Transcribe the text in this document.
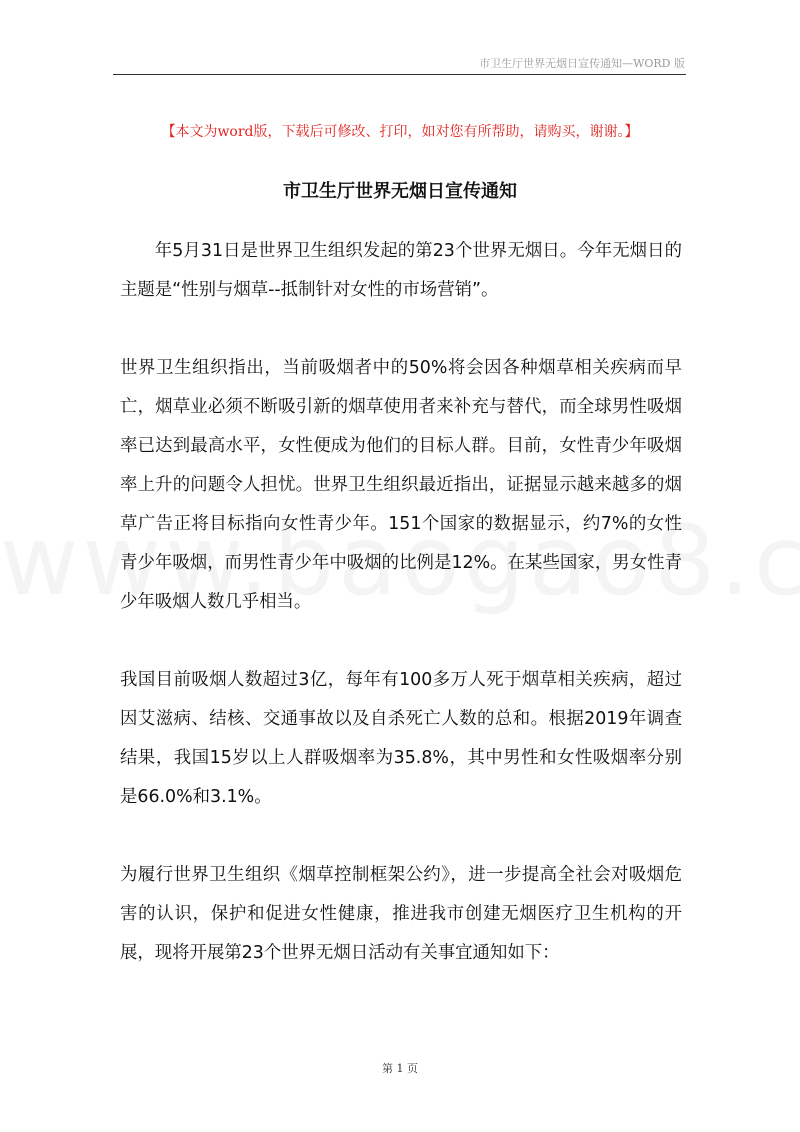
市卫生厅世界无烟日宣传通知—WORD 版
【本文为word版，下载后可修改、打印，如对您有所帮助，请购买，谢谢。】
市卫生厅世界无烟日宣传通知

年5月31日是世界卫生组织发起的第23个世界无烟日。今年无烟日的主题是“性别与烟草--抵制针对女性的市场营销”。

世界卫生组织指出，当前吸烟者中的50%将会因各种烟草相关疾病而早亡，烟草业必须不断吸引新的烟草使用者来补充与替代，而全球男性吸烟率已达到最高水平，女性便成为他们的目标人群。目前，女性青少年吸烟率上升的问题令人担忧。世界卫生组织最近指出，证据显示越来越多的烟草广告正将目标指向女性青少年。151个国家的数据显示，约7%的女性青少年吸烟，而男性青少年中吸烟的比例是12%。在某些国家，男女性青少年吸烟人数几乎相当。

我国目前吸烟人数超过3亿，每年有100多万人死于烟草相关疾病，超过因艾滋病、结核、交通事故以及自杀死亡人数的总和。根据2019年调查结果，我国15岁以上人群吸烟率为35.8%，其中男性和女性吸烟率分别是66.0%和3.1%。

为履行世界卫生组织《烟草控制框架公约》，进一步提高全社会对吸烟危害的认识，保护和促进女性健康，推进我市创建无烟医疗卫生机构的开展，现将开展第23个世界无烟日活动有关事宜通知如下：

第 1 页
